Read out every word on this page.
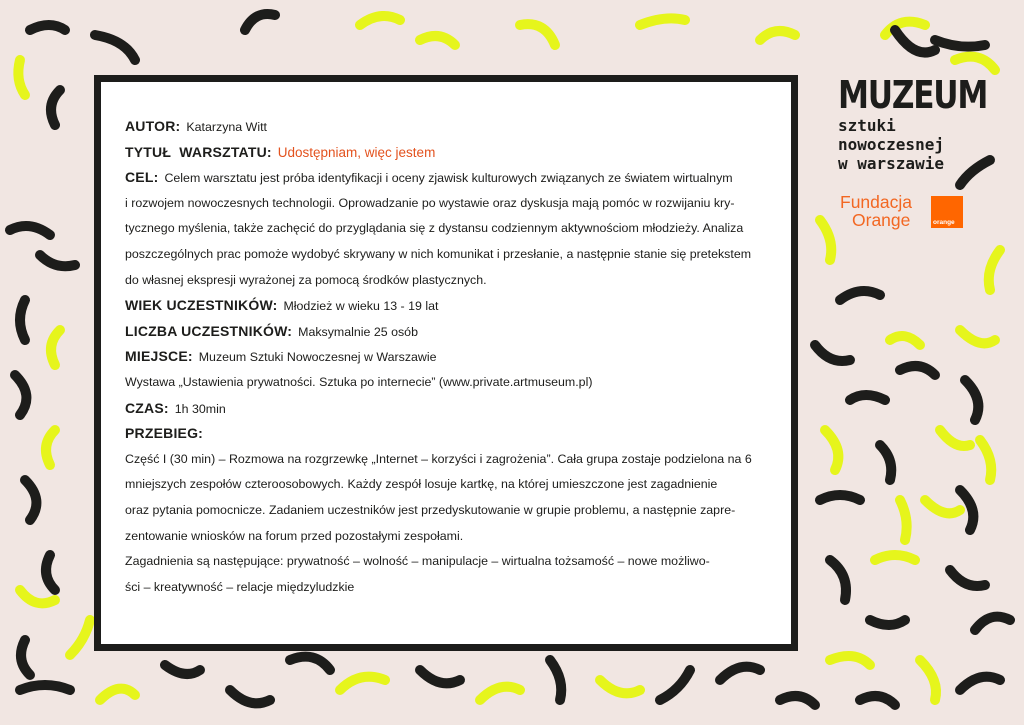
AUTOR: Katarzyna Witt
TYTUŁ  WARSZTATU: Udostępniam, więc jestem
CEL: Celem warsztatu jest próba identyfikacji i oceny zjawisk kulturowych związanych ze światem wirtualnym
i rozwojem nowoczesnych technologii. Oprowadzanie po wystawie oraz dyskusja mają pomóc w rozwijaniu kry-
tycznego myślenia, także zachęcić do przyglądania się z dystansu codziennym aktywnościom młodzieży. Analiza
poszczególnych prac pomoże wydobyć skrywany w nich komunikat i przesłanie, a następnie stanie się pretekstem
do własnej ekspresji wyrażonej za pomocą środków plastycznych.
WIEK UCZESTNIKÓW: Młodzież w wieku 13 - 19 lat
LICZBA UCZESTNIKÓW: Maksymalnie 25 osób
MIEJSCE: Muzeum Sztuki Nowoczesnej w Warszawie
Wystawa „Ustawienia prywatności. Sztuka po internecie” (www.private.artmuseum.pl)
CZAS: 1h 30min
PRZEBIEG:
Część I (30 min) – Rozmowa na rozgrzewkę „Internet – korzyści i zagrożenia”. Cała grupa zostaje podzielona na 6
mniejszych zespołów czteroosobowych. Każdy zespół losuje kartkę, na której umieszczone jest zagadnienie
oraz pytania pomocnicze. Zadaniem uczestników jest przedyskutowanie w grupie problemu, a następnie zapre-
zentowanie wniosków na forum przed pozostałymi zespołami.
Zagadnienia są następujące: prywatność – wolność – manipulacje – wirtualna tożsamość – nowe możliwo-
ści – kreatywność – relacje międzyludzkie
MUZEUM
sztuki
nowoczesnej
w warszawie
Fundacja
Orange	orange
